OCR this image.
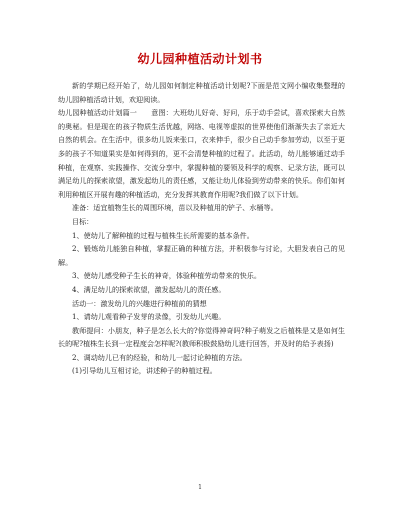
幼儿园种植活动计划书

新的学期已经开始了，幼儿园如何制定种植活动计划呢?下面是范文网小编收集整理的幼儿园种植活动计划，欢迎阅读。

幼儿园种植活动计划篇一　　意图：大班幼儿好奇、好问，乐于动手尝试，喜欢探索大自然的奥秘。但是现在的孩子物质生活优越，网络、电视等虚拟的世界使他们渐渐失去了亲近大自然的机会。在生活中，很多幼儿饭来张口，衣来伸手，很少自己动手参加劳动，以至于更多的孩子不知道果实是如何得到的，更不会清楚种植的过程了。此活动，幼儿能够通过动手种植，在观察、实践操作、交流分享中，掌握种植的要领及科学的观察、记录方法，既可以满足幼儿的探索欲望，激发起幼儿的责任感，又能让幼儿体验到劳动带来的快乐。你们如何利用种植区开展有趣的种植活动，充分发挥其教育作用呢?我们做了以下计划。

准备：适宜植物生长的周围环境，苗以及种植用的铲子、水桶等。

目标：

1、使幼儿了解种植的过程与植株生长所需要的基本条件。

2、锻炼幼儿能独自种植，掌握正确的种植方法，并积极参与讨论，大胆发表自己的见解。

3、使幼儿感受种子生长的神奇，体验种植劳动带来的快乐。

4、满足幼儿的探索欲望，激发起幼儿的责任感。

活动一：激发幼儿的兴趣进行种植前的猜想

1、请幼儿观看种子发芽的录像，引发幼儿兴趣。

教师提问：小朋友，种子是怎么长大的?你觉得神奇吗?种子萌发之后植株是又是如何生长的呢?植株生长到一定程度会怎样呢?(教师积极鼓励幼儿进行回答，并及时的给予表扬)

2、调动幼儿已有的经验，和幼儿一起讨论种植的方法。

(1)引导幼儿互相讨论，讲述种子的种植过程。

1
